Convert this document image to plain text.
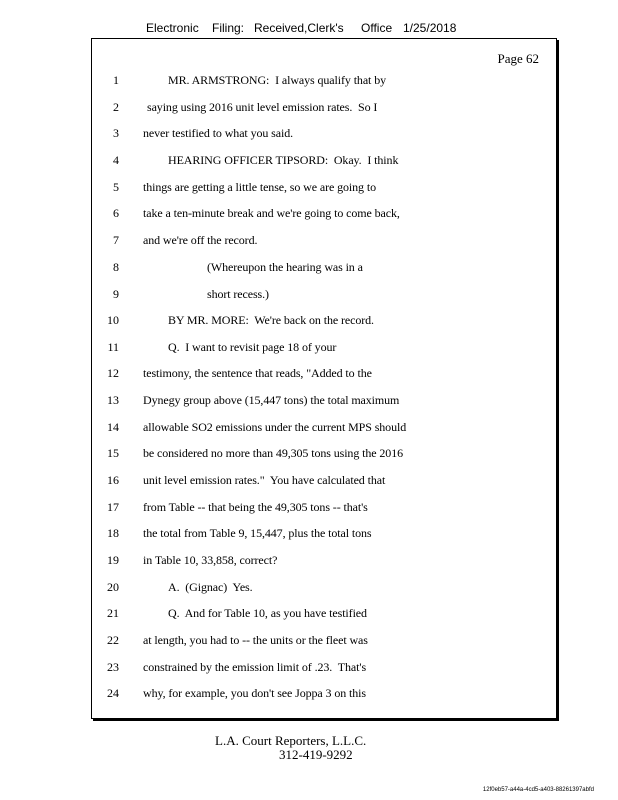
Electronic Filing: Received,Clerk's Office 1/25/2018
Page 62
1	MR. ARMSTRONG:  I always qualify that by
2 saying using 2016 unit level emission rates.  So I
3 never testified to what you said.
4	HEARING OFFICER TIPSORD:  Okay.  I think
5 things are getting a little tense, so we are going to
6 take a ten-minute break and we're going to come back,
7 and we're off the record.
8	(Whereupon the hearing was in a
9	short recess.)
10	BY MR. MORE:  We're back on the record.
11	Q.  I want to revisit page 18 of your
12 testimony, the sentence that reads, "Added to the
13 Dynegy group above (15,447 tons) the total maximum
14 allowable SO2 emissions under the current MPS should
15 be considered no more than 49,305 tons using the 2016
16 unit level emission rates."  You have calculated that
17 from Table -- that being the 49,305 tons -- that's
18 the total from Table 9, 15,447, plus the total tons
19 in Table 10, 33,858, correct?
20	A.  (Gignac)  Yes.
21	Q.  And for Table 10, as you have testified
22 at length, you had to -- the units or the fleet was
23 constrained by the emission limit of .23.  That's
24 why, for example, you don't see Joppa 3 on this
L.A. Court Reporters, L.L.C.
312-419-9292
12f0eb57-a44a-4cd5-a403-88261397abfd
